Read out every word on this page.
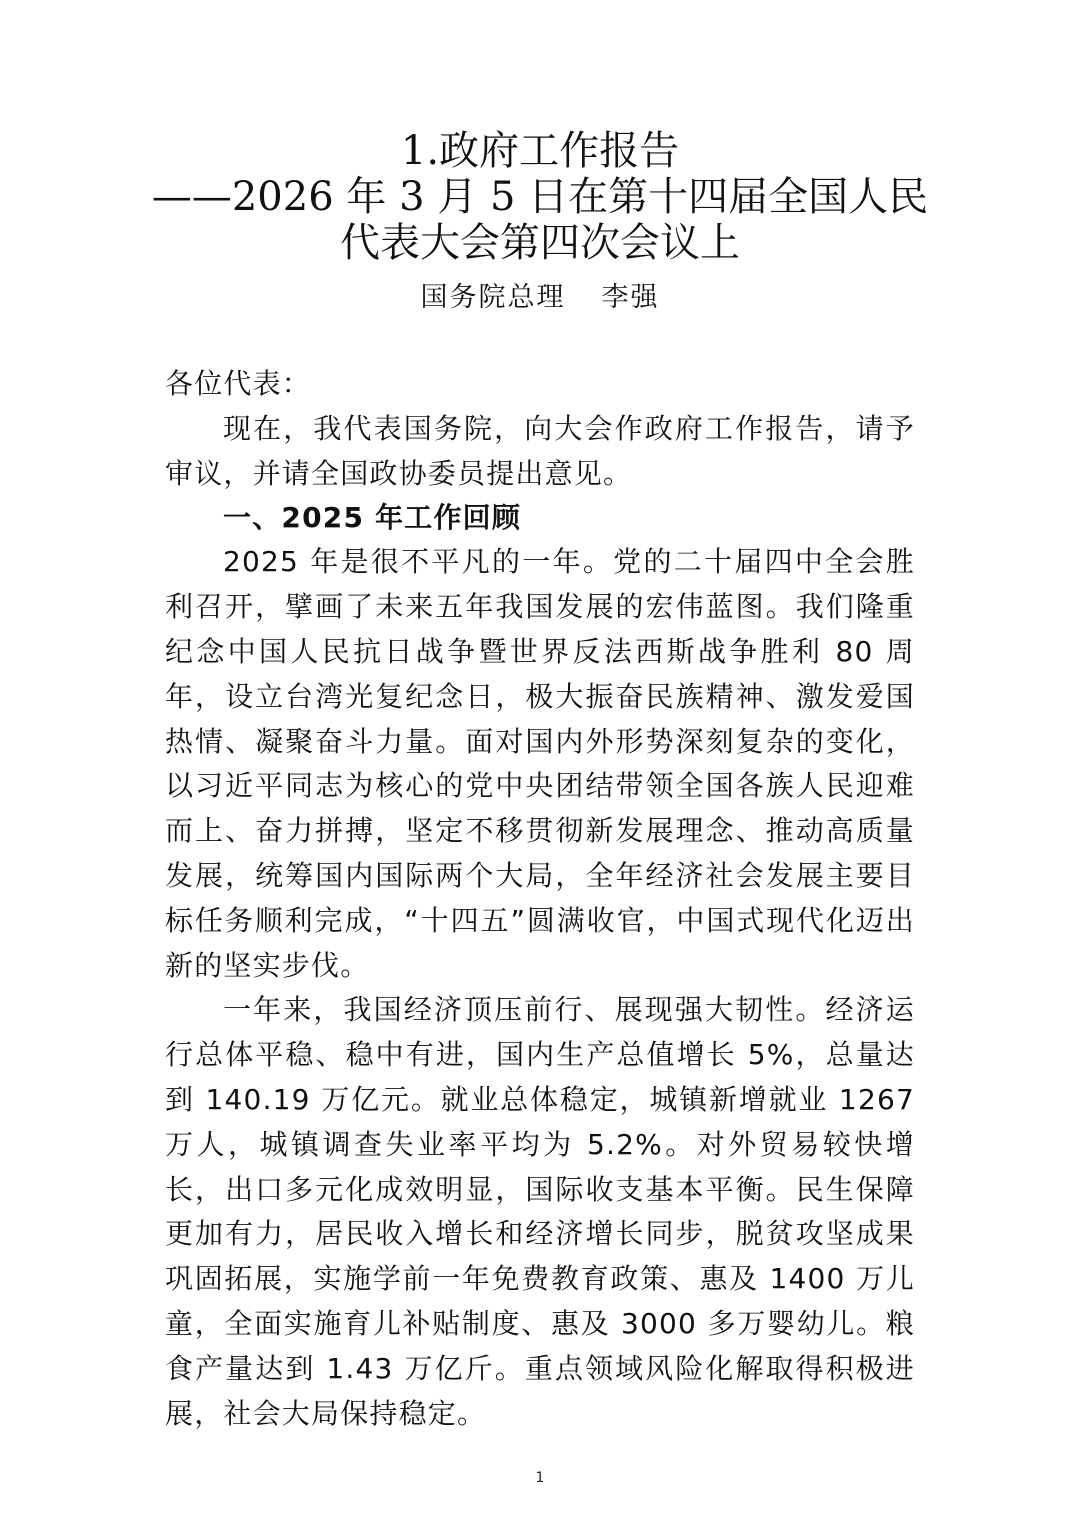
1.政府工作报告
——2026 年 3 月 5 日在第十四届全国人民
代表大会第四次会议上
国务院总理 李强

各位代表：

现在，我代表国务院，向大会作政府工作报告，请予审议，并请全国政协委员提出意见。

一、2025 年工作回顾

2025 年是很不平凡的一年。党的二十届四中全会胜利召开，擘画了未来五年我国发展的宏伟蓝图。我们隆重纪念中国人民抗日战争暨世界反法西斯战争胜利 80 周年，设立台湾光复纪念日，极大振奋民族精神、激发爱国热情、凝聚奋斗力量。面对国内外形势深刻复杂的变化，以习近平同志为核心的党中央团结带领全国各族人民迎难而上、奋力拼搏，坚定不移贯彻新发展理念、推动高质量发展，统筹国内国际两个大局，全年经济社会发展主要目标任务顺利完成，“十四五”圆满收官，中国式现代化迈出新的坚实步伐。

一年来，我国经济顶压前行、展现强大韧性。经济运行总体平稳、稳中有进，国内生产总值增长 5%，总量达到 140.19 万亿元。就业总体稳定，城镇新增就业 1267 万人，城镇调查失业率平均为 5.2%。对外贸易较快增长，出口多元化成效明显，国际收支基本平衡。民生保障更加有力，居民收入增长和经济增长同步，脱贫攻坚成果巩固拓展，实施学前一年免费教育政策、惠及 1400 万儿童，全面实施育儿补贴制度、惠及 3000 多万婴幼儿。粮食产量达到 1.43 万亿斤。重点领域风险化解取得积极进展，社会大局保持稳定。

1
